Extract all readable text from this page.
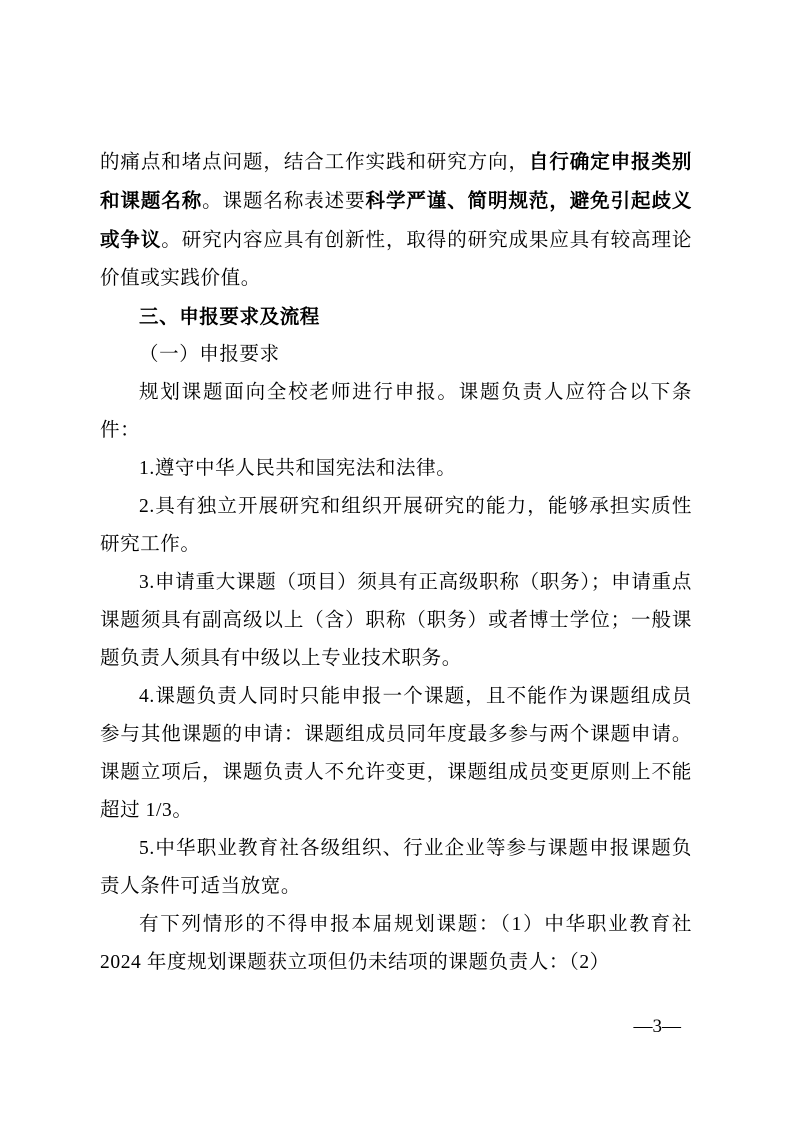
的痛点和堵点问题，结合工作实践和研究方向，自行确定申报类别和课题名称。课题名称表述要科学严谨、简明规范，避免引起歧义或争议。研究内容应具有创新性，取得的研究成果应具有较高理论价值或实践价值。

三、申报要求及流程
（一）申报要求

规划课题面向全校老师进行申报。课题负责人应符合以下条件：

1.遵守中华人民共和国宪法和法律。

2.具有独立开展研究和组织开展研究的能力，能够承担实质性研究工作。

3.申请重大课题（项目）须具有正高级职称（职务）；申请重点课题须具有副高级以上（含）职称（职务）或者博士学位；一般课题负责人须具有中级以上专业技术职务。

4.课题负责人同时只能申报一个课题，且不能作为课题组成员参与其他课题的申请：课题组成员同年度最多参与两个课题申请。课题立项后，课题负责人不允许变更，课题组成员变更原则上不能超过 1/3。

5.中华职业教育社各级组织、行业企业等参与课题申报课题负责人条件可适当放宽。

有下列情形的不得申报本届规划课题：（1）中华职业教育社 2024 年度规划课题获立项但仍未结项的课题负责人：（2）

—3—
